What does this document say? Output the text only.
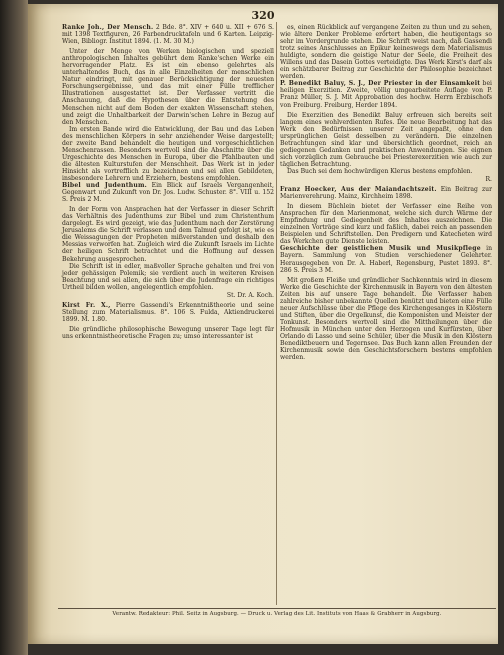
320
Ranke Joh., Der Mensch. 2 Bde. 8°. XIV + 640 u. XII + 676 S. mit 1398 Textfiguren, 26 Farbendrucktafeln und 6 Karten. Leipzig-Wien, Bibliogr. Institut 1894. (1. M. 30 M.)
Unter der Menge von Werken biologischen und speziell anthropologischen Inhaltes gebührt dem Ranke'schen Werke ein hervorragender Platz. Es ist ein ebenso gelehrtes als unterhaltendes Buch, das in alle Einzelheiten der menschlichen Natur eindringt, mit genauer Berücksichtigung der neuesten Forschungsergebnisse, und das mit einer Fülle trefflicher Illustrationen ausgestattet ist. Der Verfasser vertritt die Anschauung, daß die Hypothesen über die Entstehung des Menschen nicht auf dem Boden der exakten Wissenschaft stehen, und zeigt die Unhaltbarkeit der Darwin'schen Lehre in Bezug auf den Menschen.
Im ersten Bande wird die Entwicklung, der Bau und das Leben des menschlichen Körpers in sehr anziehender Weise dargestellt; der zweite Band behandelt die heutigen und vorgeschichtlichen Menschenrassen. Besonders wertvoll sind die Abschnitte über die Urgeschichte des Menschen in Europa, über die Pfahlbauten und die ältesten Kulturstufen der Menschheit. Das Werk ist in jeder Hinsicht als vortrefflich zu bezeichnen und sei allen Gebildeten, insbesondere Lehrern und Erziehern, bestens empfohlen.
Bibel und Judenthum. Ein Blick auf Israels Vergangenheit, Gegenwart und Zukunft von Dr. Jos. Ludw. Schuster. 8°. VIII u. 152 S. Preis 2 M.
In der Form von Ansprachen hat der Verfasser in dieser Schrift das Verhältnis des Judenthums zur Bibel und zum Christenthum dargelegt. Es wird gezeigt, wie das Judenthum nach der Zerstörung Jerusalems die Schrift verlassen und dem Talmud gefolgt ist, wie es die Weissagungen der Propheten mißverstanden und deshalb den Messias verworfen hat. Zugleich wird die Zukunft Israels im Lichte der heiligen Schrift betrachtet und die Hoffnung auf dessen Bekehrung ausgesprochen.
Die Schrift ist in edler, maßvoller Sprache gehalten und frei von jeder gehässigen Polemik; sie verdient auch in weiteren Kreisen Beachtung und sei allen, die sich über die Judenfrage ein richtiges Urtheil bilden wollen, angelegentlich empfohlen.
St. Dr. A. Koch.
Kirst Fr. X., Pierre Gassendi's Erkenntnißtheorie und seine Stellung zum Materialismus. 8°. 106 S. Fulda, Aktiendruckerei 1899. M. 1.80.
Die gründliche philosophische Bewegung unserer Tage legt für uns erkenntnistheoretische Fragen zu; umso interessanter ist
es, einen Rückblick auf vergangene Zeiten zu thun und zu sehen, wie ältere Denker Probleme erörtert haben, die heutigentags so sehr im Vordergrunde stehen. Die Schrift weist nach, daß Gassendi trotz seines Anschlusses an Epikur keineswegs dem Materialismus huldigte, sondern die geistige Natur der Seele, die Freiheit des Willens und das Dasein Gottes verteidigte. Das Werk Kirst's darf als ein schätzbarer Beitrag zur Geschichte der Philosophie bezeichnet werden.
P. Benedikt Baluy, S. J., Der Priester in der Einsamkeit bei heiligen Exerzitien. Zweite, völlig umgearbeitete Auflage von P. Franz Müller, S. J. Mit Approbation des hochw. Herrn Erzbischofs von Freiburg. Freiburg, Herder 1894.
Die Exerzitien des Benedikt Baluy erfreuen sich bereits seit langem eines wohlverdienten Rufes. Die neue Bearbeitung hat das Werk den Bedürfnissen unserer Zeit angepaßt, ohne den ursprünglichen Geist desselben zu verändern. Die einzelnen Betrachtungen sind klar und übersichtlich geordnet, reich an gediegenen Gedanken und praktischen Anwendungen. Sie eignen sich vorzüglich zum Gebrauche bei Priesterexerzitien wie auch zur täglichen Betrachtung.
Das Buch sei dem hochwürdigen Klerus bestens empfohlen.
R.
Franz Hoecker, Aus der Maiandachtszeit. Ein Beitrag zur Marienverehrung. Mainz, Kirchheim 1898.
In diesem Büchlein bietet der Verfasser eine Reihe von Ansprachen für den Marienmonat, welche sich durch Wärme der Empfindung und Gediegenheit des Inhaltes auszeichnen. Die einzelnen Vorträge sind kurz und faßlich, dabei reich an passenden Beispielen und Schriftstellen. Den Predigern und Katecheten wird das Werkchen gute Dienste leisten.
Geschichte der geistlichen Musik und Musikpflege in Bayern. Sammlung von Studien verschiedener Gelehrter. Herausgegeben von Dr. A. Haberl, Regensburg, Pustet 1893. 8°. 286 S. Preis 3 M.
Mit großem Fleiße und gründlicher Sachkenntnis wird in diesem Werke die Geschichte der Kirchenmusik in Bayern von den ältesten Zeiten bis auf unsere Tage behandelt. Die Verfasser haben zahlreiche bisher unbekannte Quellen benützt und bieten eine Fülle neuer Aufschlüsse über die Pflege des Kirchengesanges in Klöstern und Stiften, über die Orgelkunst, die Komponisten und Meister der Tonkunst. Besonders wertvoll sind die Mittheilungen über die Hofmusik in München unter den Herzogen und Kurfürsten, über Orlando di Lasso und seine Schüler, über die Musik in den Klöstern Benediktbeuern und Tegernsee. Das Buch kann allen Freunden der Kirchenmusik sowie den Geschichtsforschern bestens empfohlen werden.
Verantw. Redakteur: Phil. Seitz in Augsburg. — Druck u. Verlag des Lit. Instituts von Haas & Grabherr in Augsburg.
